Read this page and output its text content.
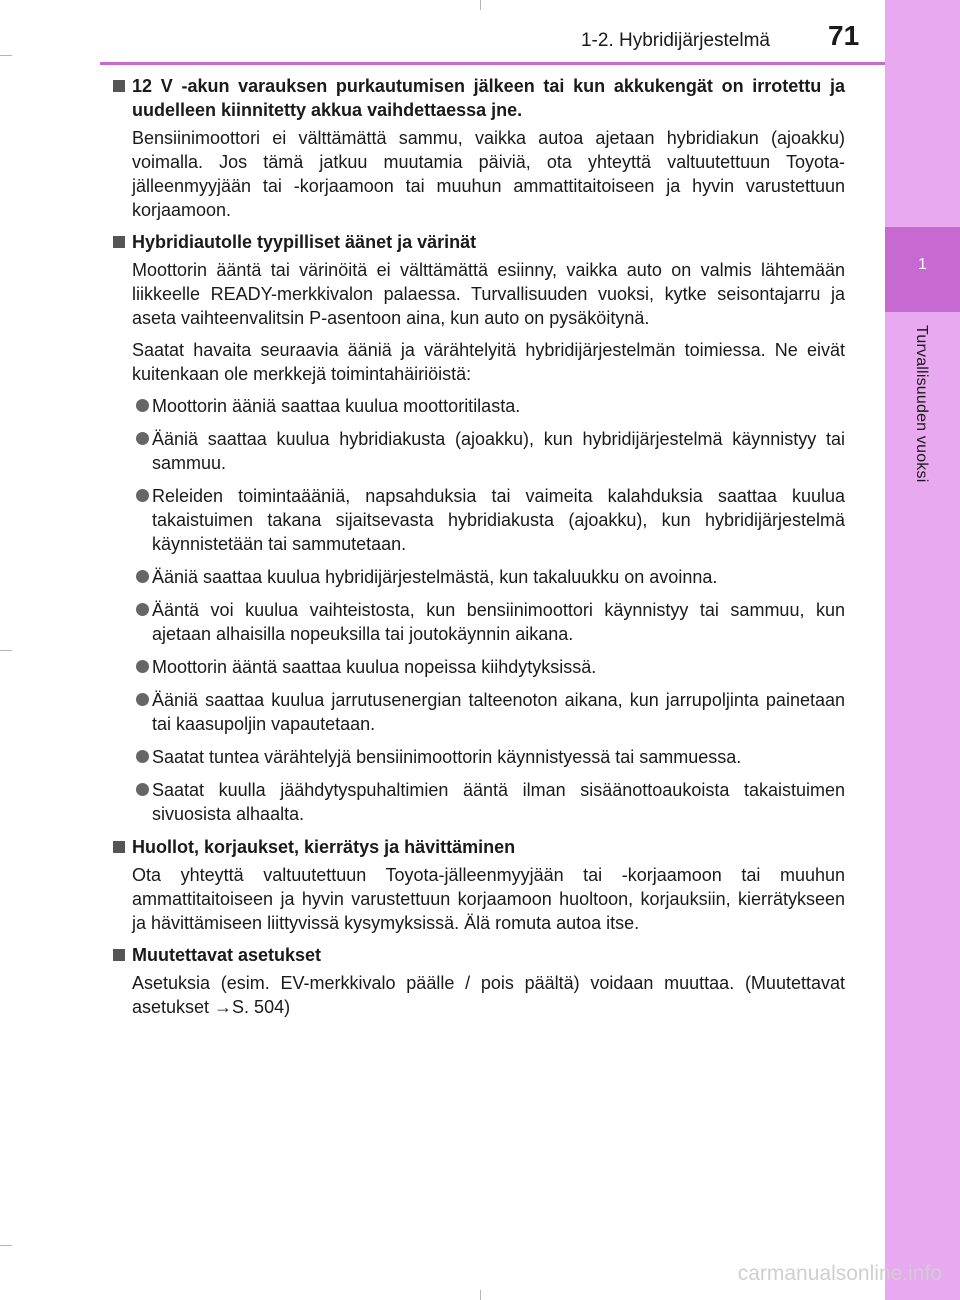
1
Turvallisuuden vuoksi
1-2. Hybridijärjestelmä 71
12 V -akun varauksen purkautumisen jälkeen tai kun akkukengät on irrotettu ja uudelleen kiinnitetty akkua vaihdettaessa jne.
Bensiinimoottori ei välttämättä sammu, vaikka autoa ajetaan hybridiakun (ajoakku) voimalla. Jos tämä jatkuu muutamia päiviä, ota yhteyttä valtuutettuun Toyota-jälleenmyyjään tai -korjaamoon tai muuhun ammattitaitoiseen ja hyvin varustettuun korjaamoon.
Hybridiautolle tyypilliset äänet ja värinät
Moottorin ääntä tai värinöitä ei välttämättä esiinny, vaikka auto on valmis lähtemään liikkeelle READY-merkkivalon palaessa. Turvallisuuden vuoksi, kytke seisontajarru ja aseta vaihteenvalitsin P-asentoon aina, kun auto on pysäköitynä.
Saatat havaita seuraavia ääniä ja värähtelyitä hybridijärjestelmän toimiessa. Ne eivät kuitenkaan ole merkkejä toimintahäiriöistä:
Moottorin ääniä saattaa kuulua moottoritilasta.
Ääniä saattaa kuulua hybridiakusta (ajoakku), kun hybridijärjestelmä käynnistyy tai sammuu.
Releiden toimintaääniä, napsahduksia tai vaimeita kalahduksia saattaa kuulua takaistuimen takana sijaitsevasta hybridiakusta (ajoakku), kun hybridijärjestelmä käynnistetään tai sammutetaan.
Ääniä saattaa kuulua hybridijärjestelmästä, kun takaluukku on avoinna.
Ääntä voi kuulua vaihteistosta, kun bensiinimoottori käynnistyy tai sammuu, kun ajetaan alhaisilla nopeuksilla tai joutokäynnin aikana.
Moottorin ääntä saattaa kuulua nopeissa kiihdytyksissä.
Ääniä saattaa kuulua jarrutusenergian talteenoton aikana, kun jarrupoljinta painetaan tai kaasupoljin vapautetaan.
Saatat tuntea värähtelyjä bensiinimoottorin käynnistyessä tai sammuessa.
Saatat kuulla jäähdytyspuhaltimien ääntä ilman sisäänottoaukoista takaistuimen sivuosista alhaalta.
Huollot, korjaukset, kierrätys ja hävittäminen
Ota yhteyttä valtuutettuun Toyota-jälleenmyyjään tai -korjaamoon tai muuhun ammattitaitoiseen ja hyvin varustettuun korjaamoon huoltoon, korjauksiin, kierrätykseen ja hävittämiseen liittyvissä kysymyksissä. Älä romuta autoa itse.
Muutettavat asetukset
Asetuksia (esim. EV-merkkivalo päälle / pois päältä) voidaan muuttaa. (Muutettavat asetukset →S. 504)
carmanualsonline.info
